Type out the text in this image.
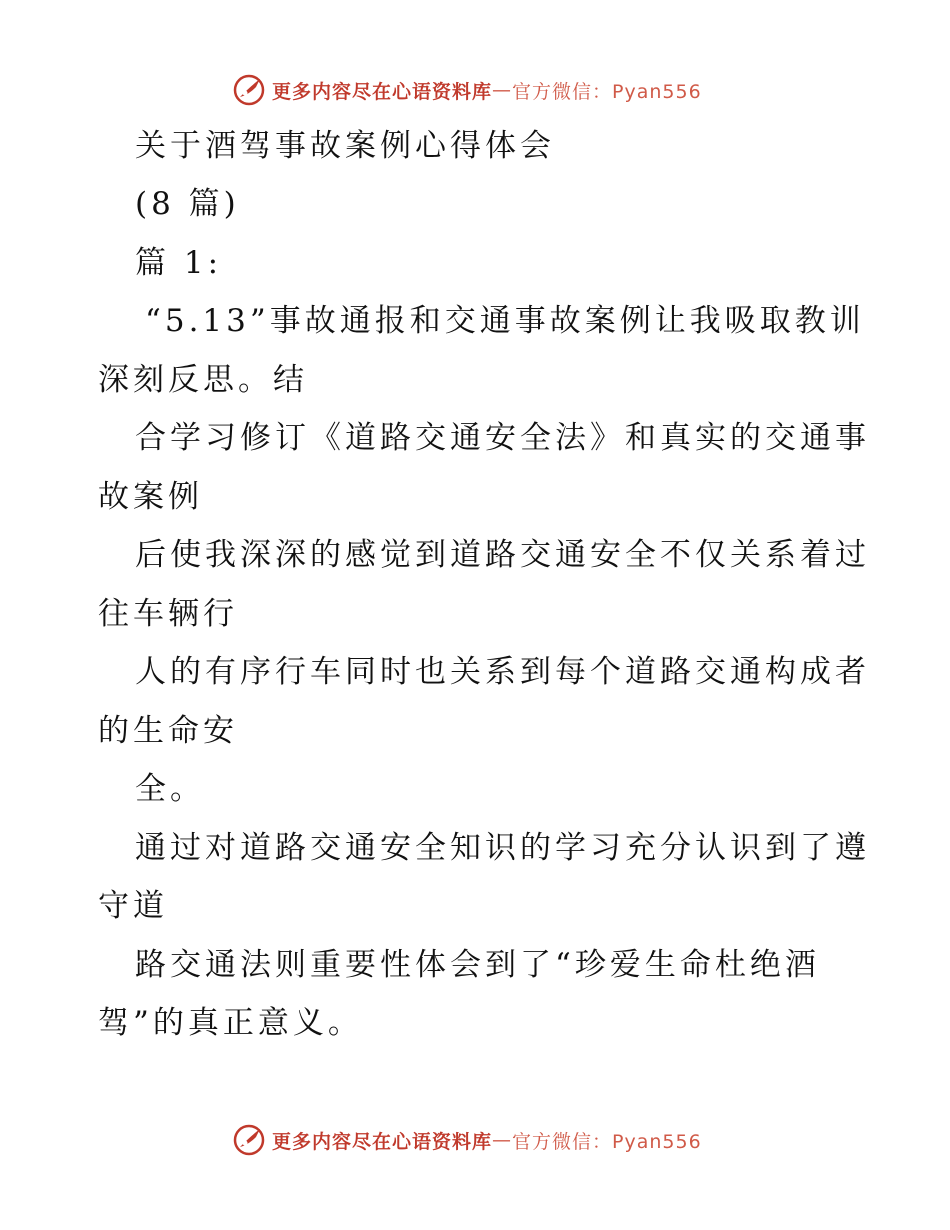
更多内容尽在心语资料库 — 官方微信：Pyan556
关于酒驾事故案例心得体会
(8 篇)
篇 1:
“5.13”事故通报和交通事故案例让我吸取教训
深刻反思。结
合学习修订《道路交通安全法》和真实的交通事
故案例
后使我深深的感觉到道路交通安全不仅关系着过
往车辆行
人的有序行车同时也关系到每个道路交通构成者
的生命安
全。
通过对道路交通安全知识的学习充分认识到了遵
守道
路交通法则重要性体会到了“珍爱生命杜绝酒
驾”的真正意义。
更多内容尽在心语资料库 — 官方微信：Pyan556
